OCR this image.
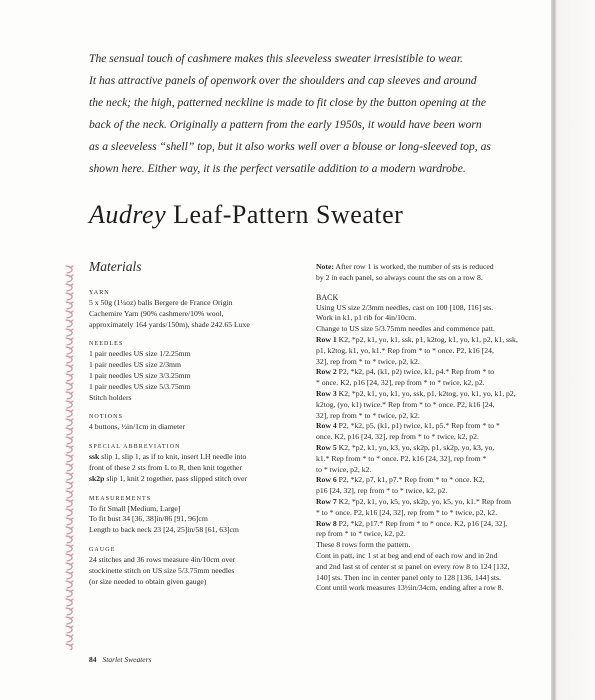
The sensual touch of cashmere makes this sleeveless sweater irresistible to wear.
It has attractive panels of openwork over the shoulders and cap sleeves and around
the neck; the high, patterned neckline is made to fit close by the button opening at the
back of the neck. Originally a pattern from the early 1950s, it would have been worn
as a sleeveless “shell” top, but it also works well over a blouse or long-sleeved top, as
shown here. Either way, it is the perfect versatile addition to a modern wardrobe.
Audrey Leaf-Pattern Sweater

Materials

YARN

5 x 50g (1¼oz) balls Bergere de France Origin
Cachemire Yarn (90% cashmere/10% wool,
approximately 164 yards/150m), shade 242.65 Luxe

NEEDLES

1 pair needles US size 1/2.25mm
1 pair needles US size 2/3mm
1 pair needles US size 3/3.25mm
1 pair needles US size 5/3.75mm
Stitch holders

NOTIONS

4 buttons, ½in/1cm in diameter

SPECIAL ABBREVIATION

ssk slip 1, slip 1, as if to knit, insert LH needle into
front of these 2 sts from L to R, then knit together
sk2p slip 1, knit 2 together, pass slipped stitch over

MEASUREMENTS

To fit Small [Medium, Large]
To fit bust 34 [36, 38]in/86 [91, 96]cm
Length to back neck 23 [24, 25]in/58 [61, 63]cm

GAUGE

24 stitches and 36 rows measure 4in/10cm over
stockinette stitch on US size 5/3.75mm needles
(or size needed to obtain given gauge)
Note: After row 1 is worked, the number of sts is reduced
by 2 in each panel, so always count the sts on a row 8.

BACK

Using US size 2/3mm needles, cast on 100 [108, 116] sts.
Work in k1, p1 rib for 4in/10cm.
Change to US size 5/3.75mm needles and commence patt.
Row 1 K2, *p2, k1, yo, k1, ssk, p1, k2tog, k1, yo, k1, p2, k1, ssk,
p1, k2tog, k1, yo, k1.* Rep from * to * once. P2, k16 [24,
32], rep from * to * twice, p2, k2.
Row 2 P2, *k2, p4, (k1, p2) twice, k1, p4.* Rep from * to
* once. K2, p16 [24, 32], rep from * to * twice, k2, p2.
Row 3 K2, *p2, k1, yo, k1, yo, ssk, p1, k2tog, yo, k1, yo, k1, p2,
k2tog, (yo, k1) twice.* Rep from * to * once. P2, k16 [24,
32], rep from * to * twice, p2, k2.
Row 4 P2, *k2, p5, (k1, p1) twice, k1, p5.* Rep from * to *
once. K2, p16 [24, 32], rep from * to * twice, k2, p2.
Row 5 K2, *p2, k1, yo, k3, yo, sk2p, p1, sk2p, yo, k3, yo,
k1.* Rep from * to * once. P2, k16 [24, 32], rep from *
to * twice, p2, k2.
Row 6 P2, *k2, p7, k1, p7.* Rep from * to * once. K2,
p16 [24, 32], rep from * to * twice, k2, p2.
Row 7 K2, *p2, k1, yo, k5, yo, sk2p, yo, k5, yo, k1.* Rep from
* to * once. P2, k16 [24, 32], rep from * to * twice, p2, k2.
Row 8 P2, *k2, p17.* Rep from * to * once. K2, p16 [24, 32],
rep from * to * twice, k2, p2.
These 8 rows form the pattern.
Cont in patt, inc 1 st at beg and end of each row and in 2nd
and 2nd last st of center st st panel on every row 8 to 124 [132,
140] sts. Then inc in center panel only to 128 [136, 144] sts.
Cont until work measures 13½in/34cm, ending after a row 8.
84 Starlet Sweaters
